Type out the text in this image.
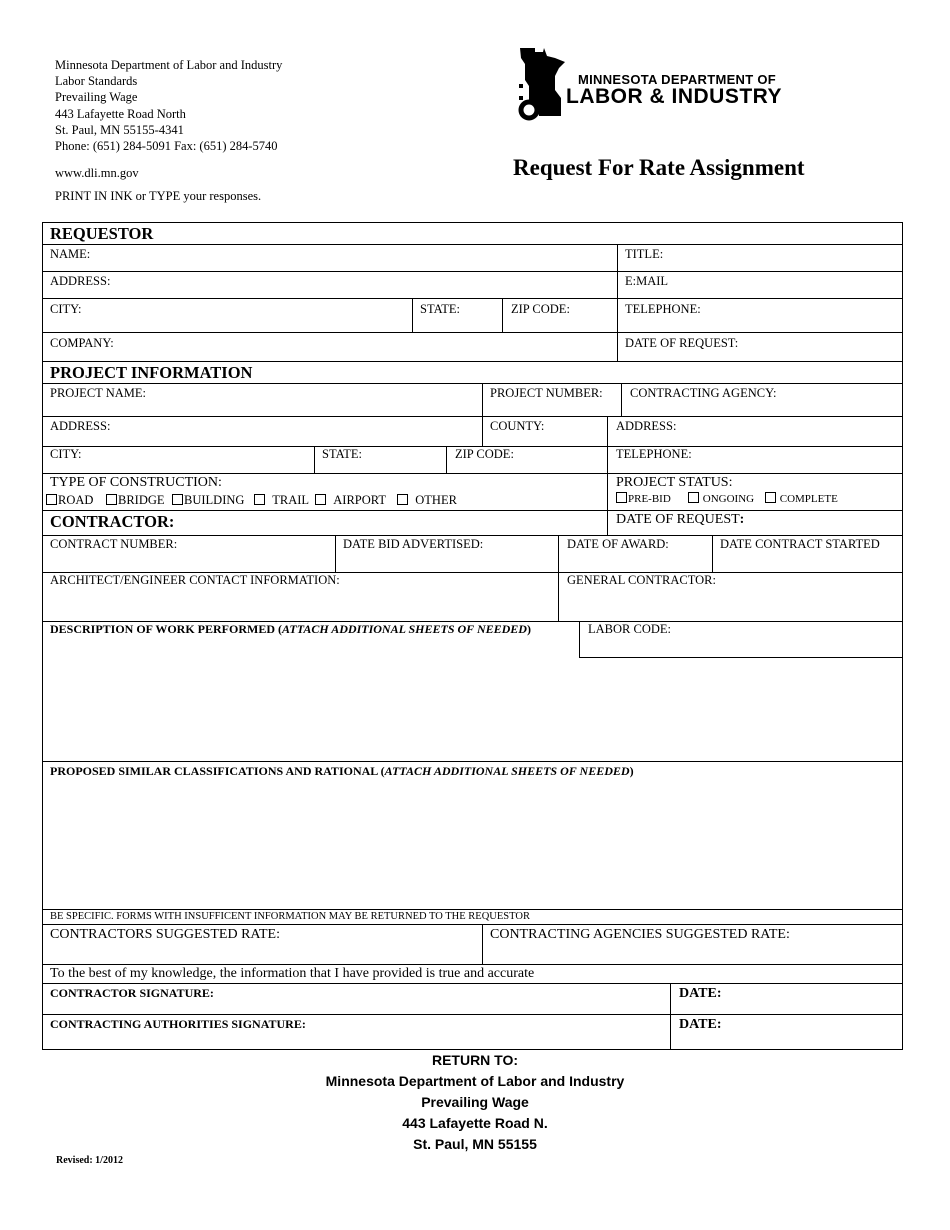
Minnesota Department of Labor and Industry
Labor Standards
Prevailing Wage
443 Lafayette Road North
St. Paul, MN 55155-4341
Phone: (651) 284-5091 Fax: (651) 284-5740
www.dli.mn.gov
PRINT IN INK or TYPE your responses.
MINNESOTA DEPARTMENT OF
LABOR & INDUSTRY
Request For Rate Assignment
REQUESTOR
NAME:	TITLE:
ADDRESS:	E:MAIL
CITY:	STATE:	ZIP CODE:	TELEPHONE:
COMPANY:	DATE OF REQUEST:
PROJECT INFORMATION
PROJECT NAME:	PROJECT NUMBER: CONTRACTING AGENCY:
ADDRESS:	COUNTY:	ADDRESS:
CITY:	STATE:	ZIP CODE:	TELEPHONE:
TYPE OF CONSTRUCTION:
ROAD	BRIDGE	BUILDING	TRAIL	AIRPORT	OTHER
PROJECT STATUS:
PRE-BID	ONGOING	COMPLETE
CONTRACTOR:	DATE OF REQUEST:
CONTRACT NUMBER:	DATE BID ADVERTISED:	DATE OF AWARD:	DATE CONTRACT STARTED
ARCHITECT/ENGINEER CONTACT INFORMATION:	GENERAL CONTRACTOR:
DESCRIPTION OF WORK PERFORMED (ATTACH ADDITIONAL SHEETS OF NEEDED)	LABOR CODE:
PROPOSED SIMILAR CLASSIFICATIONS AND RATIONAL (ATTACH ADDITIONAL SHEETS OF NEEDED)
BE SPECIFIC. FORMS WITH INSUFFICENT INFORMATION MAY BE RETURNED TO THE REQUESTOR
CONTRACTORS SUGGESTED RATE:	CONTRACTING AGENCIES SUGGESTED RATE:
To the best of my knowledge, the information that I have provided is true and accurate
CONTRACTOR SIGNATURE:	DATE:
CONTRACTING AUTHORITIES SIGNATURE:	DATE:
RETURN TO:
Minnesota Department of Labor and Industry
Prevailing Wage
443 Lafayette Road N.
St. Paul, MN 55155
Revised: 1/2012
